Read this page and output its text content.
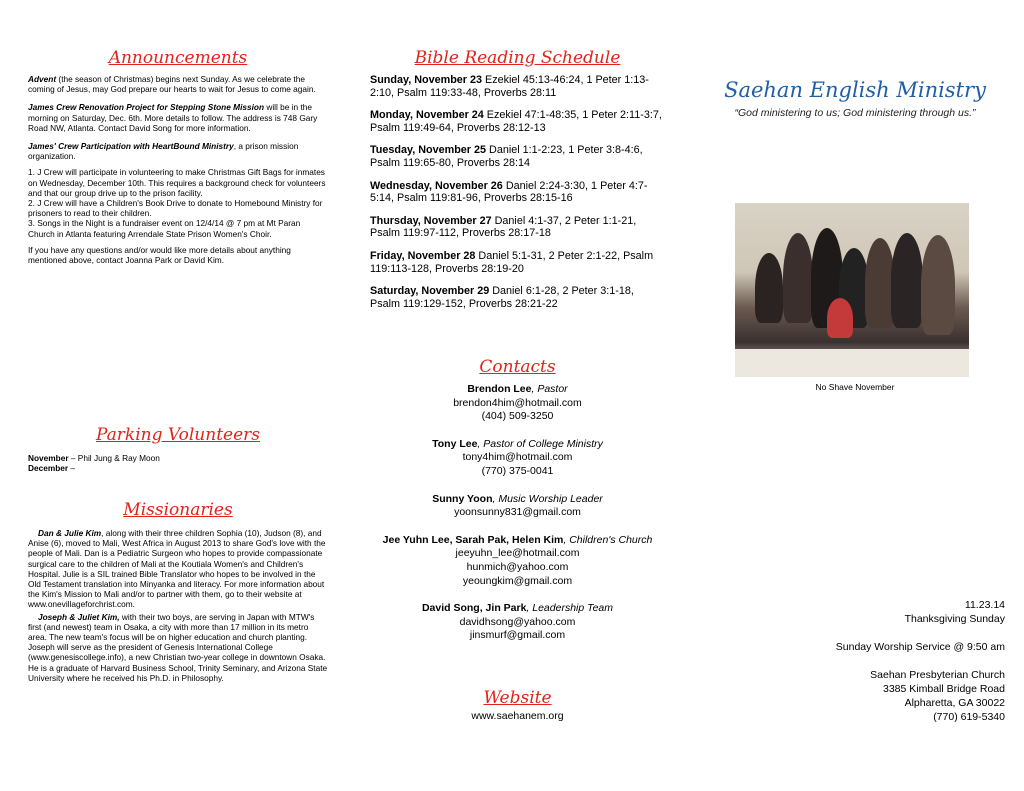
Announcements

Advent (the season of Christmas) begins next Sunday. As we celebrate the coming of Jesus, may God prepare our hearts to wait for Jesus to come again.

James Crew Renovation Project for Stepping Stone Mission will be in the morning on Saturday, Dec. 6th. More details to follow. The address is 748 Gary Road NW, Atlanta. Contact David Song for more information.

James' Crew Participation with HeartBound Ministry, a prison mission organization.

1. J Crew will participate in volunteering to make Christmas Gift Bags for inmates on Wednesday, December 10th. This requires a background check for volunteers and that our group drive up to the prison facility.

2. J Crew will have a Children's Book Drive to donate to Homebound Ministry for prisoners to read to their children.

3. Songs in the Night is a fundraiser event on 12/4/14 @ 7 pm at Mt Paran Church in Atlanta featuring Arrendale State Prison Women's Choir.

If you have any questions and/or would like more details about anything mentioned above, contact Joanna Park or David Kim.

Parking Volunteers

November – Phil Jung & Ray Moon

December –

Missionaries

Dan & Julie Kim, along with their three children Sophia (10), Judson (8), and Anise (6), moved to Mali, West Africa in August 2013 to share God's love with the people of Mali. Dan is a Pediatric Surgeon who hopes to provide compassionate surgical care to the children of Mali at the Koutiala Women's and Children's Hospital. Julie is a SIL trained Bible Translator who hopes to be involved in the Old Testament translation into Minyanka and literacy. For more information about the Kim's Mission to Mali and/or to partner with them, go to their website at www.onevillageforchrist.com.

Joseph & Juliet Kim, with their two boys, are serving in Japan with MTW's first (and newest) team in Osaka, a city with more than 17 million in its metro area. The new team's focus will be on higher education and church planting. Joseph will serve as the president of Genesis International College (www.genesiscollege.info), a new Christian two-year college in downtown Osaka. He is a graduate of Harvard Business School, Trinity Seminary, and Arizona State University where he received his Ph.D. in Philosophy.

Bible Reading Schedule

Sunday, November 23 Ezekiel 45:13-46:24, 1 Peter 1:13-2:10, Psalm 119:33-48, Proverbs 28:11

Monday, November 24 Ezekiel 47:1-48:35, 1 Peter 2:11-3:7, Psalm 119:49-64, Proverbs 28:12-13

Tuesday, November 25 Daniel 1:1-2:23, 1 Peter 3:8-4:6, Psalm 119:65-80, Proverbs 28:14

Wednesday, November 26 Daniel 2:24-3:30, 1 Peter 4:7-5:14, Psalm 119:81-96, Proverbs 28:15-16

Thursday, November 27 Daniel 4:1-37, 2 Peter 1:1-21, Psalm 119:97-112, Proverbs 28:17-18

Friday, November 28 Daniel 5:1-31, 2 Peter 2:1-22, Psalm 119:113-128, Proverbs 28:19-20

Saturday, November 29 Daniel 6:1-28, 2 Peter 3:1-18, Psalm 119:129-152, Proverbs 28:21-22

Contacts
Brendon Lee, Pastor
brendon4him@hotmail.com
(404) 509-3250
Tony Lee, Pastor of College Ministry
tony4him@hotmail.com
(770) 375-0041
Sunny Yoon, Music Worship Leader
yoonsunny831@gmail.com
Jee Yuhn Lee, Sarah Pak, Helen Kim, Children's Church
jeeyuhn_lee@hotmail.com
hunmich@yahoo.com
yeoungkim@gmail.com
David Song, Jin Park, Leadership Team
davidhsong@yahoo.com
jinsmurf@gmail.com
Website
www.saehanem.org
Saehan English Ministry
“God ministering to us; God ministering through us.”
No Shave November
11.23.14
Thanksgiving Sunday
Sunday Worship Service @ 9:50 am
Saehan Presbyterian Church
3385 Kimball Bridge Road
Alpharetta, GA 30022
(770) 619-5340
